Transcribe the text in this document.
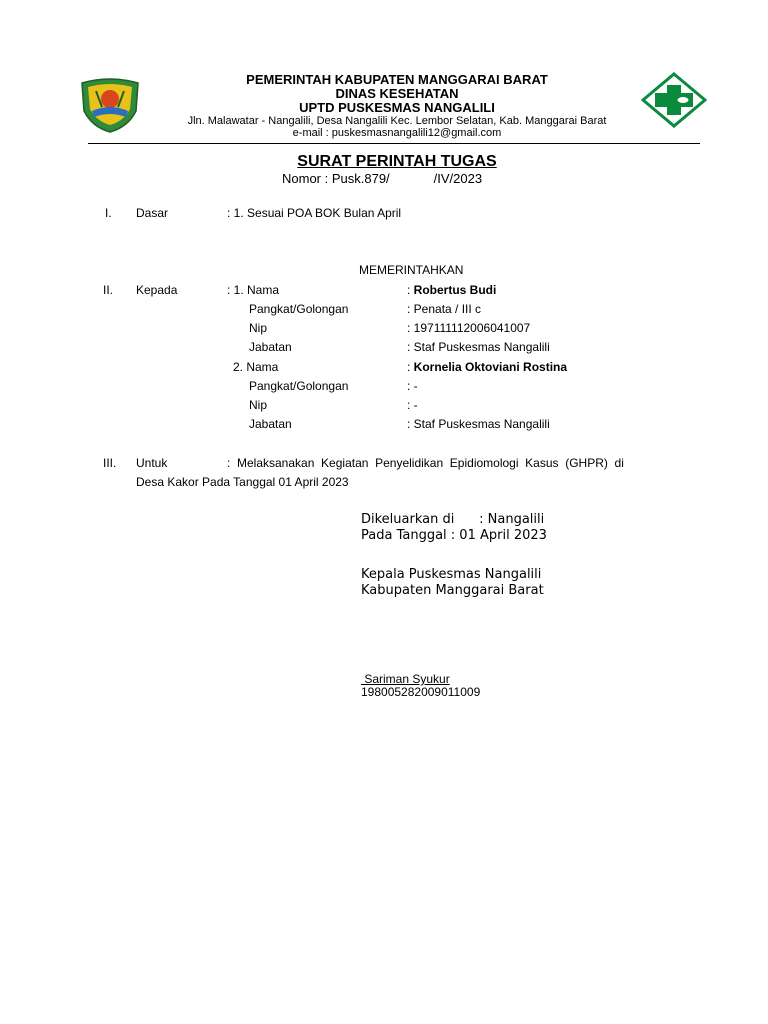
PEMERINTAH KABUPATEN MANGGARAI BARAT
DINAS KESEHATAN
UPTD PUSKESMAS NANGALILI
Jln. Malawatar - Nangalili, Desa Nangalili Kec. Lembor Selatan, Kab. Manggarai Barat
e-mail : puskesmasnangalili12@gmail.com
SURAT PERINTAH TUGAS
Nomor : Pusk.879/	/IV/2023
I. Dasar	: 1. Sesuai POA BOK Bulan April
MEMERINTAHKAN
II. Kepada	: 1. Nama	: Robertus Budi
Pangkat/Golongan	: Penata / III c
Nip	: 197111112006041007
Jabatan	: Staf Puskesmas Nangalili
2. Nama	: Kornelia Oktoviani Rostina
Pangkat/Golongan	: -
Nip	: -
Jabatan	: Staf Puskesmas Nangalili
III. Untuk	:  Melaksanakan  Kegiatan  Penyelidikan  Epidiomologi  Kasus  (GHPR)  di
Desa Kakor Pada Tanggal 01 April 2023
Dikeluarkan di      : Nangalili
Pada Tanggal : 01 April 2023
Kepala Puskesmas Nangalili
Kabupaten Manggarai Barat
Sariman Syukur
198005282009011009
